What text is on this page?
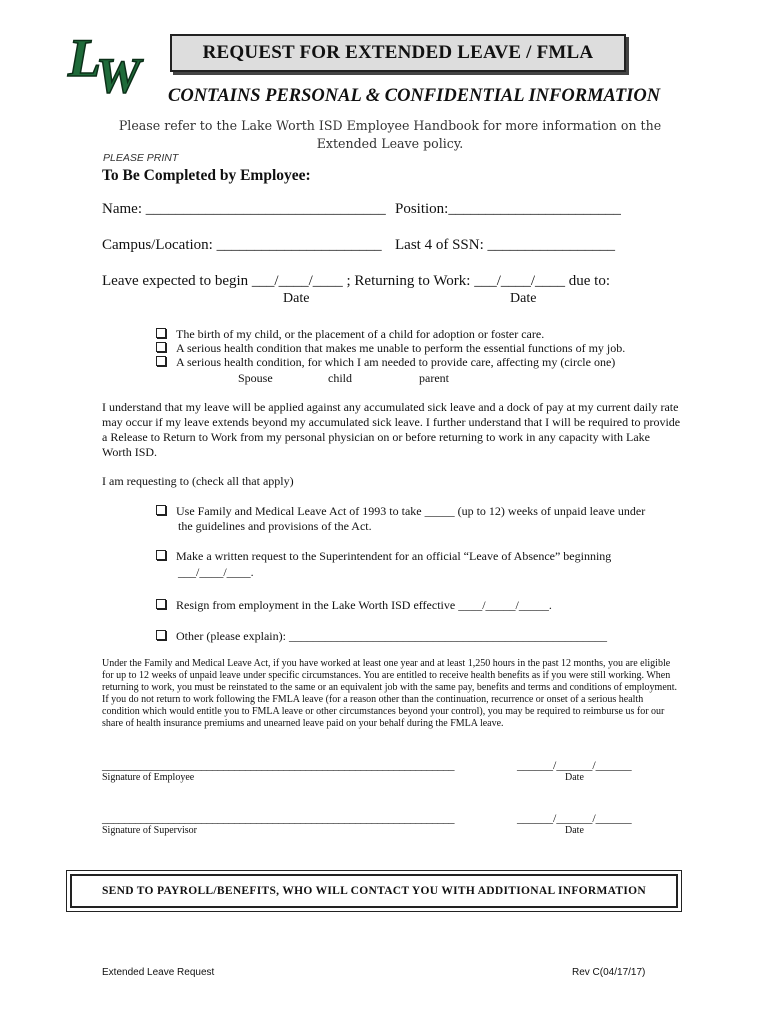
L
W	REQUEST FOR EXTENDED LEAVE / FMLA
CONTAINS PERSONAL & CONFIDENTIAL INFORMATION
Please refer to the Lake Worth ISD Employee Handbook for more information on the Extended Leave policy.
PLEASE PRINT
To Be Completed by Employee:
Name: ________________________________ Position:_______________________
Campus/Location: ______________________ Last 4 of SSN: _________________
Leave expected to begin ___/____/____ ; Returning to Work: ___/____/____ due to:
Date	Date
The birth of my child, or the placement of a child for adoption or foster care.
A serious health condition that makes me unable to perform the essential functions of my job.
A serious health condition, for which I am needed to provide care, affecting my (circle one)
Spouse	child	parent
I understand that my leave will be applied against any accumulated sick leave and a dock of pay at my current daily rate may occur if my leave extends beyond my accumulated sick leave. I further understand that I will be required to provide a Release to Return to Work from my personal physician on or before returning to work in any capacity with Lake Worth ISD.
I am requesting to (check all that apply)
Use Family and Medical Leave Act of 1993 to take _____ (up to 12) weeks of unpaid leave under
the guidelines and provisions of the Act.
Make a written request to the Superintendent for an official “Leave of Absence” beginning
___/____/____.
Resign from employment in the Lake Worth ISD effective ____/_____/_____.
Other (please explain): _____________________________________________________
Under the Family and Medical Leave Act, if you have worked at least one year and at least 1,250 hours in the past 12 months, you are eligible for up to 12 weeks of unpaid leave under specific circumstances. You are entitled to receive health benefits as if you were still working. When returning to work, you must be reinstated to the same or an equivalent job with the same pay, benefits and terms and conditions of employment. If you do not return to work following the FMLA leave (for a reason other than the continuation, recurrence or onset of a serious health condition which would entitle you to FMLA leave or other circumstances beyond your control), you may be required to reimburse us for our share of health insurance premiums and unearned leave paid on your behalf during the FMLA leave.
________________________________________________________________	______/______/______
Signature of Employee	Date
________________________________________________________________	______/______/______
Signature of Supervisor	Date
SEND TO PAYROLL/BENEFITS, WHO WILL CONTACT YOU WITH ADDITIONAL INFORMATION
Extended Leave Request	Rev C(04/17/17)
